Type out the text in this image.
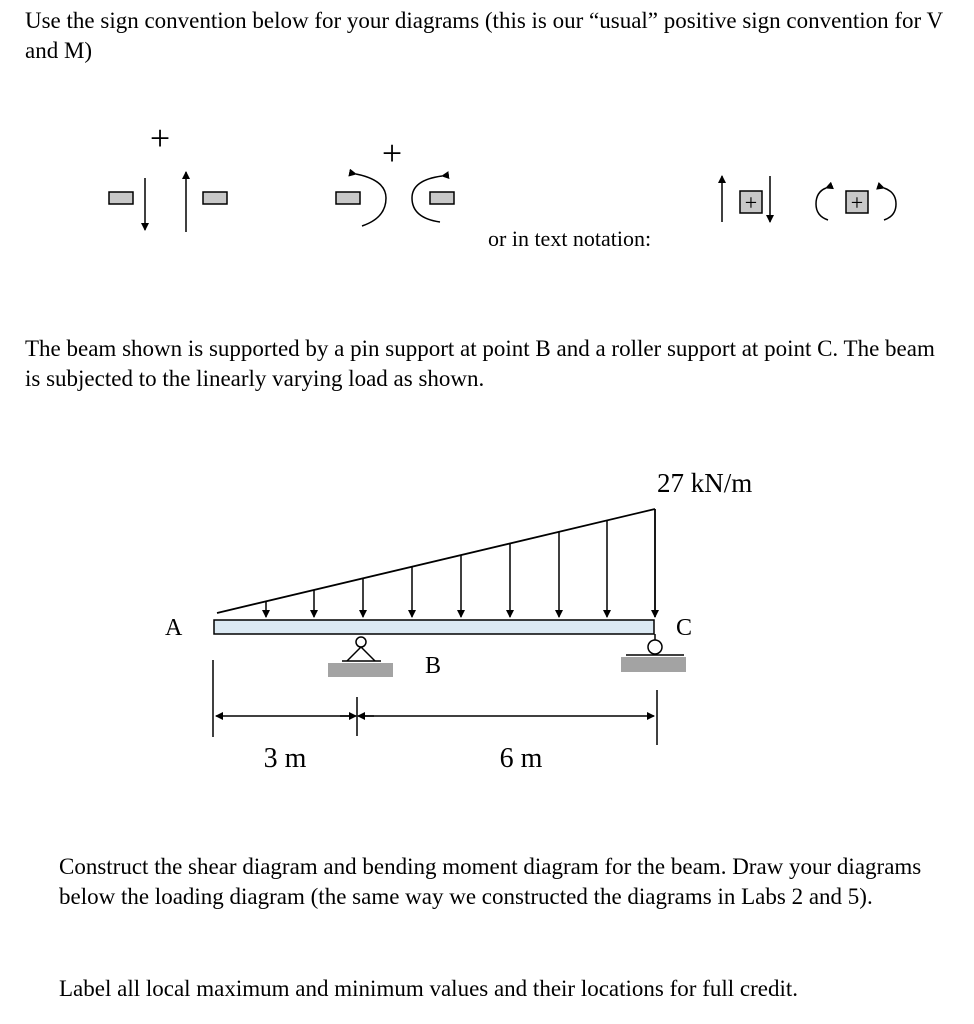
Use the sign convention below for your diagrams (this is our “usual” positive sign convention for V and M)

+	+
+	+
27 kN/m
A	C
B
3 m	6 m
or in text notation:

The beam shown is supported by a pin support at point B and a roller support at point C. The beam is subjected to the linearly varying load as shown.

Construct the shear diagram and bending moment diagram for the beam. Draw your diagrams below the loading diagram (the same way we constructed the diagrams in Labs 2 and 5).

Label all local maximum and minimum values and their locations for full credit.
